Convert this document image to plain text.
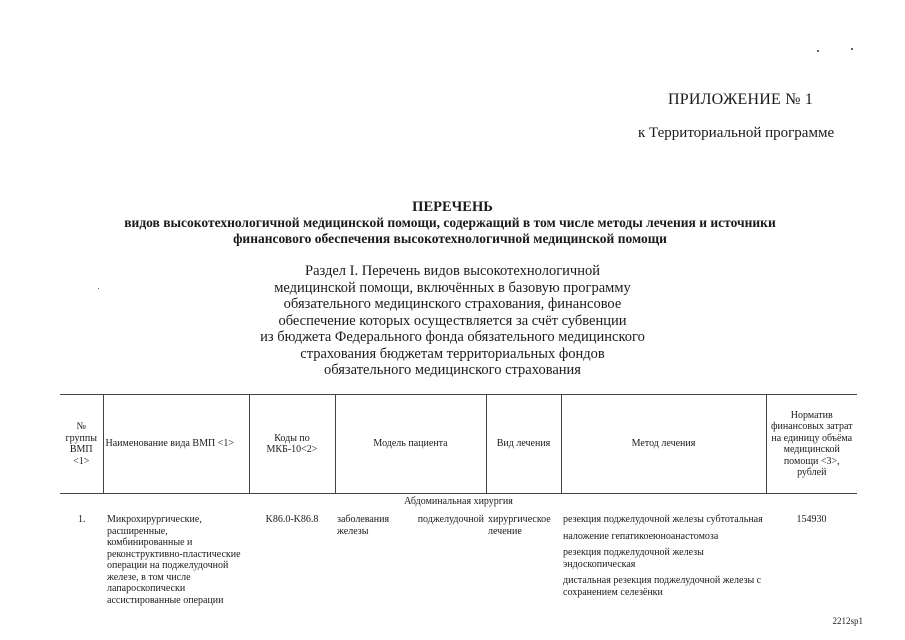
ПРИЛОЖЕНИЕ № 1
к Территориальной программе
ПЕРЕЧЕНЬ
видов высокотехнологичной медицинской помощи, содержащий в том числе методы лечения и источники
финансового обеспечения высокотехнологичной медицинской помощи
Раздел I. Перечень видов высокотехнологичной
медицинской помощи, включённых в базовую программу
обязательного медицинского страхования, финансовое
обеспечение которых осуществляется за счёт субвенции
из бюджета Федерального фонда обязательного медицинского
страхования бюджетам территориальных фондов
обязательного медицинского страхования
№ группы ВМП <1>	Наименование вида ВМП <1>	Коды по МКБ-10<2>	Модель пациента	Вид лечения	Метод лечения	Норматив финансовых затрат на единицу объёма медицинской помощи <3>, рублей
Абдоминальная хирургия						
1.	Микрохирургические, расширенные, комбинированные и реконструктивно-пластические операции на поджелудочной железе, в том числе лапароскопически ассистированные операции	K86.0-K86.8	заболевания поджелудочной железы	хирургическое лечение	резекция поджелудочной железы субтотальная
наложение гепатикоеюноанастомоза
резекция поджелудочной железы эндоскопическая
дистальная резекция поджелудочной железы с сохранением селезёнки	154930
2212sp1
